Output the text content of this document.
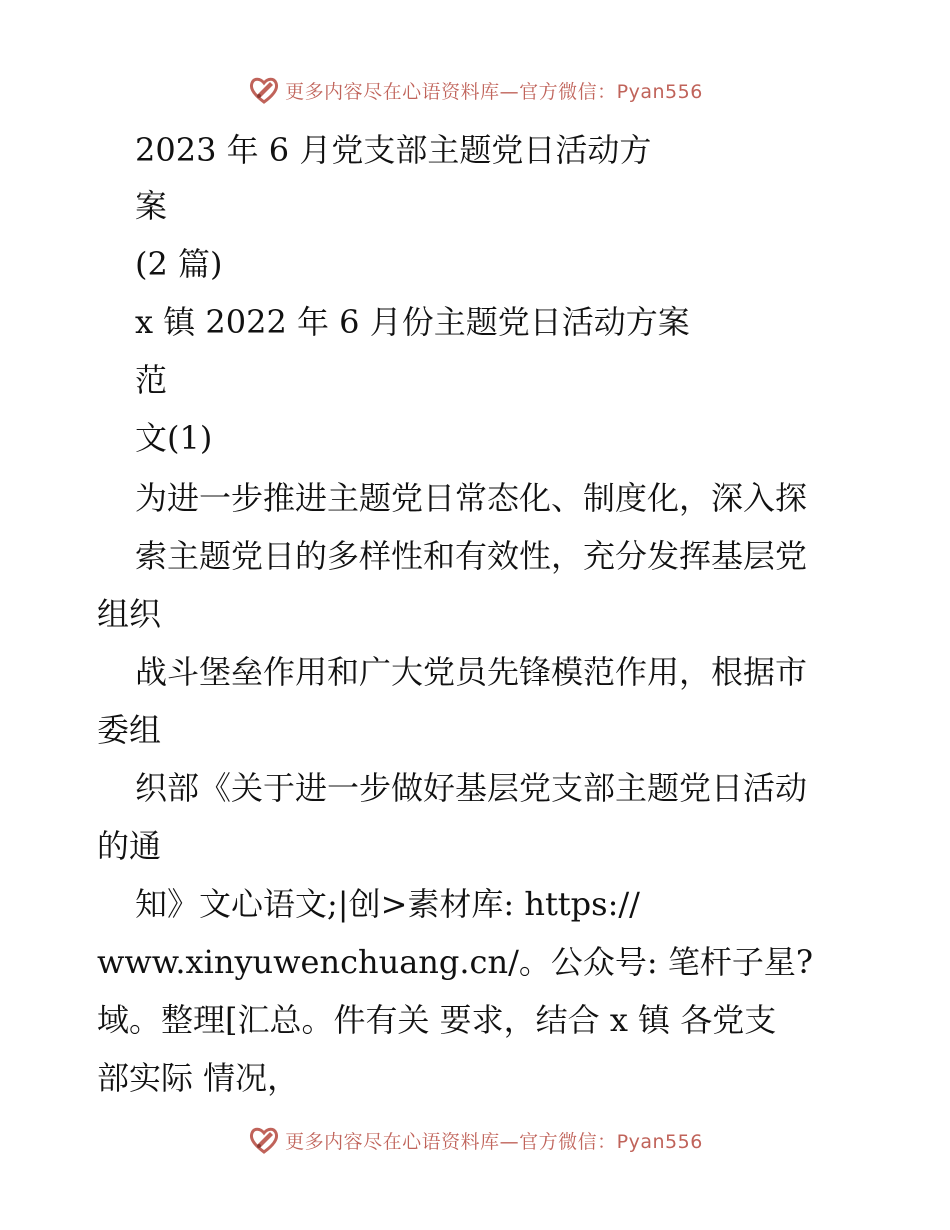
更多内容尽在心语资料库—官方微信：Pyan556
2023 年 6 月党支部主题党日活动方
案
(2 篇)
x 镇 2022 年 6 月份主题党日活动方案
范
文(1)
为进一步推进主题党日常态化、制度化，深入探
索主题党日的多样性和有效性，充分发挥基层党
组织
战斗堡垒作用和广大党员先锋模范作用，根据市
委组
织部《关于进一步做好基层党支部主题党日活动
的通
知》文心语文;|创>素材库: https://
www.xinyuwenchuang.cn/。公众号: 笔杆子星?
域。整理[汇总。件有关 要求，结合 x 镇 各党支
部实际 情况，
更多内容尽在心语资料库—官方微信：Pyan556
